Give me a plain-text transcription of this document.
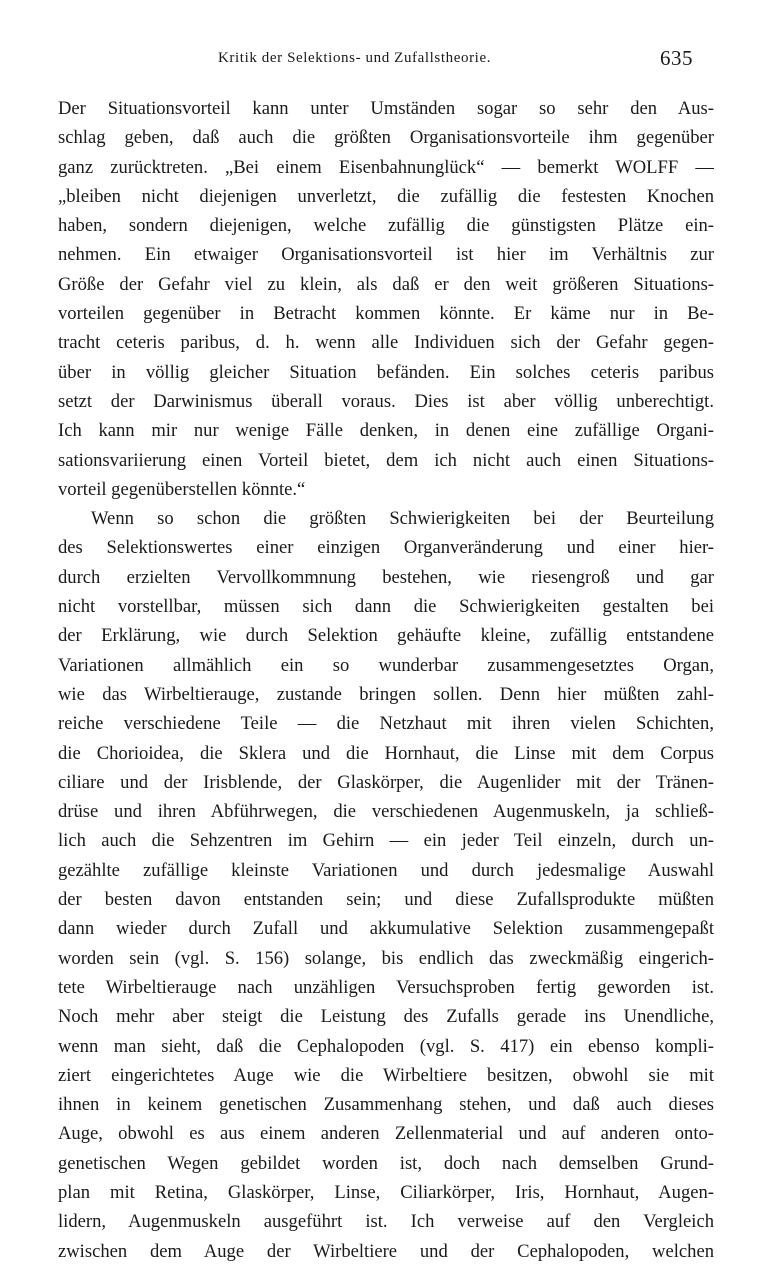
Kritik der Selektions- und Zufallstheorie.	635
Der Situationsvorteil kann unter Umständen sogar so sehr den Aus-
schlag geben, daß auch die größten Organisationsvorteile ihm gegenüber
ganz zurücktreten. „Bei einem Eisenbahnunglück“ — bemerkt WOLFF —
„bleiben nicht diejenigen unverletzt, die zufällig die festesten Knochen
haben, sondern diejenigen, welche zufällig die günstigsten Plätze ein-
nehmen. Ein etwaiger Organisationsvorteil ist hier im Verhältnis zur
Größe der Gefahr viel zu klein, als daß er den weit größeren Situations-
vorteilen gegenüber in Betracht kommen könnte. Er käme nur in Be-
tracht ceteris paribus, d. h. wenn alle Individuen sich der Gefahr gegen-
über in völlig gleicher Situation befänden. Ein solches ceteris paribus
setzt der Darwinismus überall voraus. Dies ist aber völlig unberechtigt.
Ich kann mir nur wenige Fälle denken, in denen eine zufällige Organi-
sationsvariierung einen Vorteil bietet, dem ich nicht auch einen Situations-
vorteil gegenüberstellen könnte.“
Wenn so schon die größten Schwierigkeiten bei der Beurteilung
des Selektionswertes einer einzigen Organveränderung und einer hier-
durch erzielten Vervollkommnung bestehen, wie riesengroß und gar
nicht vorstellbar, müssen sich dann die Schwierigkeiten gestalten bei
der Erklärung, wie durch Selektion gehäufte kleine, zufällig entstandene
Variationen allmählich ein so wunderbar zusammengesetztes Organ,
wie das Wirbeltierauge, zustande bringen sollen. Denn hier müßten zahl-
reiche verschiedene Teile — die Netzhaut mit ihren vielen Schichten,
die Chorioidea, die Sklera und die Hornhaut, die Linse mit dem Corpus
ciliare und der Irisblende, der Glaskörper, die Augenlider mit der Tränen-
drüse und ihren Abführwegen, die verschiedenen Augenmuskeln, ja schließ-
lich auch die Sehzentren im Gehirn — ein jeder Teil einzeln, durch un-
gezählte zufällige kleinste Variationen und durch jedesmalige Auswahl
der besten davon entstanden sein; und diese Zufallsprodukte müßten
dann wieder durch Zufall und akkumulative Selektion zusammengepaßt
worden sein (vgl. S. 156) solange, bis endlich das zweckmäßig eingerich-
tete Wirbeltierauge nach unzähligen Versuchsproben fertig geworden ist.
Noch mehr aber steigt die Leistung des Zufalls gerade ins Unendliche,
wenn man sieht, daß die Cephalopoden (vgl. S. 417) ein ebenso kompli-
ziert eingerichtetes Auge wie die Wirbeltiere besitzen, obwohl sie mit
ihnen in keinem genetischen Zusammenhang stehen, und daß auch dieses
Auge, obwohl es aus einem anderen Zellenmaterial und auf anderen onto-
genetischen Wegen gebildet worden ist, doch nach demselben Grund-
plan mit Retina, Glaskörper, Linse, Ciliarkörper, Iris, Hornhaut, Augen-
lidern, Augenmuskeln ausgeführt ist. Ich verweise auf den Vergleich
zwischen dem Auge der Wirbeltiere und der Cephalopoden, welchen
